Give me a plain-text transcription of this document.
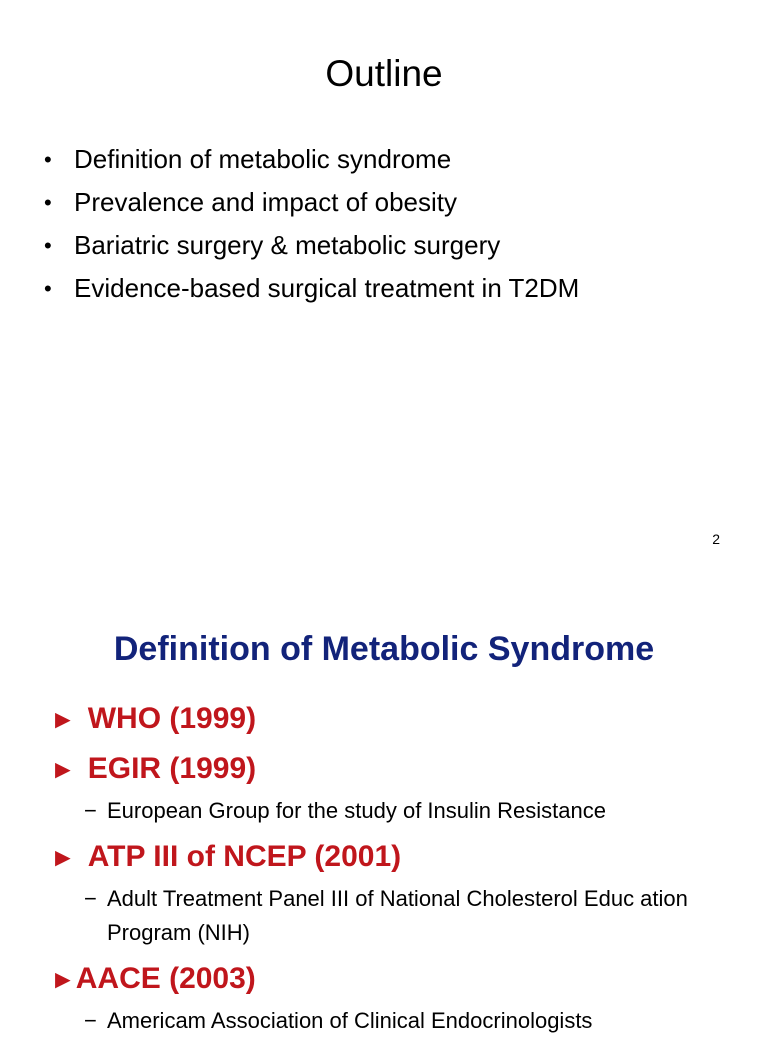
Outline
• Definition of metabolic syndrome
• Prevalence and impact of obesity
• Bariatric surgery & metabolic surgery
• Evidence-based surgical treatment in T2DM
2
Definition of Metabolic Syndrome
► WHO (1999)
► EGIR (1999)
− European Group for the study of Insulin Resistance
► ATP III of NCEP (2001)
− Adult Treatment Panel III of National Cholesterol Educ ation Program (NIH)
► AACE (2003)
− Americam Association of Clinical Endocrinologists
